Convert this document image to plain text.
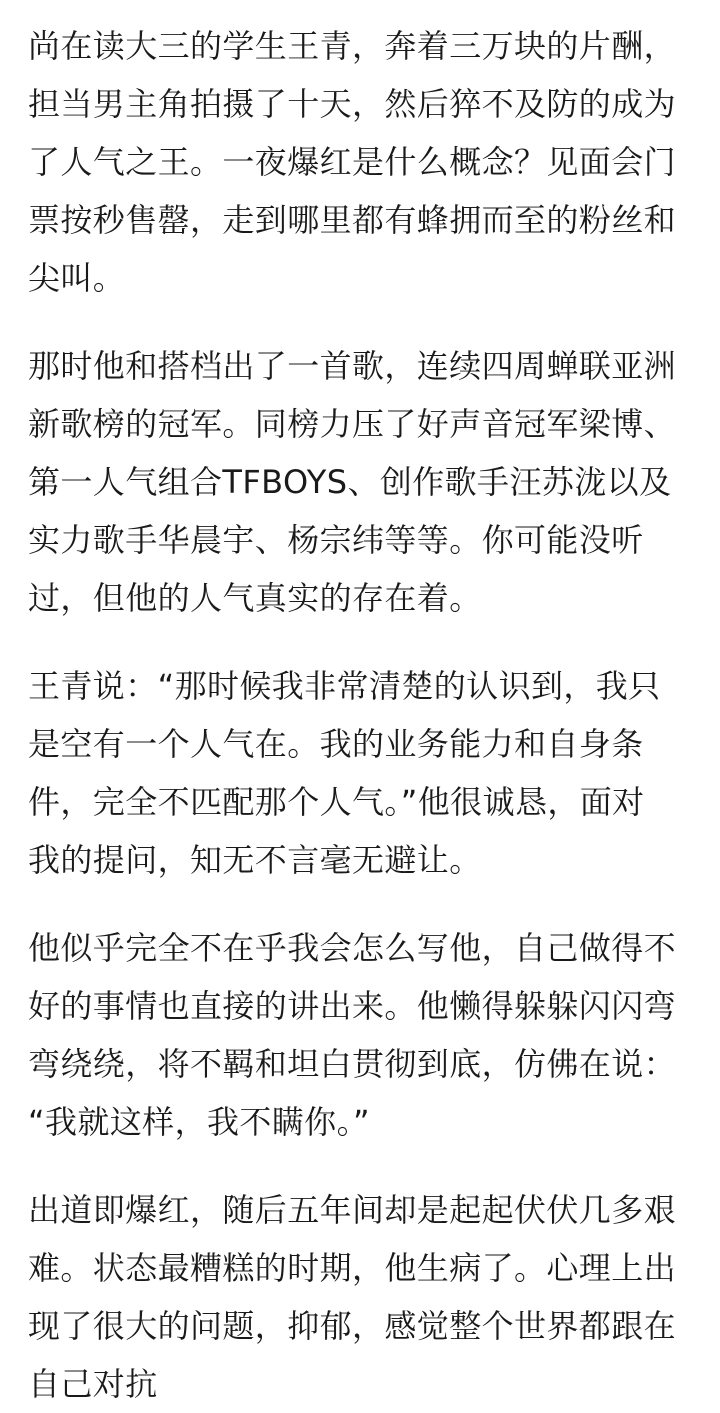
尚在读大三的学生王青，奔着三万块的片酬，
担当男主角拍摄了十天，然后猝不及防的成为
了人气之王。一夜爆红是什么概念？见面会门
票按秒售罄，走到哪里都有蜂拥而至的粉丝和
尖叫。
那时他和搭档出了一首歌，连续四周蝉联亚洲
新歌榜的冠军。同榜力压了好声音冠军梁博、
第一人气组合TFBOYS、创作歌手汪苏泷以及
实力歌手华晨宇、杨宗纬等等。你可能没听
过，但他的人气真实的存在着。
王青说：“那时候我非常清楚的认识到，我只
是空有一个人气在。我的业务能力和自身条
件，完全不匹配那个人气。”他很诚恳，面对
我的提问，知无不言毫无避让。
他似乎完全不在乎我会怎么写他，自己做得不
好的事情也直接的讲出来。他懒得躲躲闪闪弯
弯绕绕，将不羁和坦白贯彻到底，仿佛在说：
“我就这样，我不瞒你。”
出道即爆红，随后五年间却是起起伏伏几多艰
难。状态最糟糕的时期，他生病了。心理上出
现了很大的问题，抑郁，感觉整个世界都跟在
自己对抗
